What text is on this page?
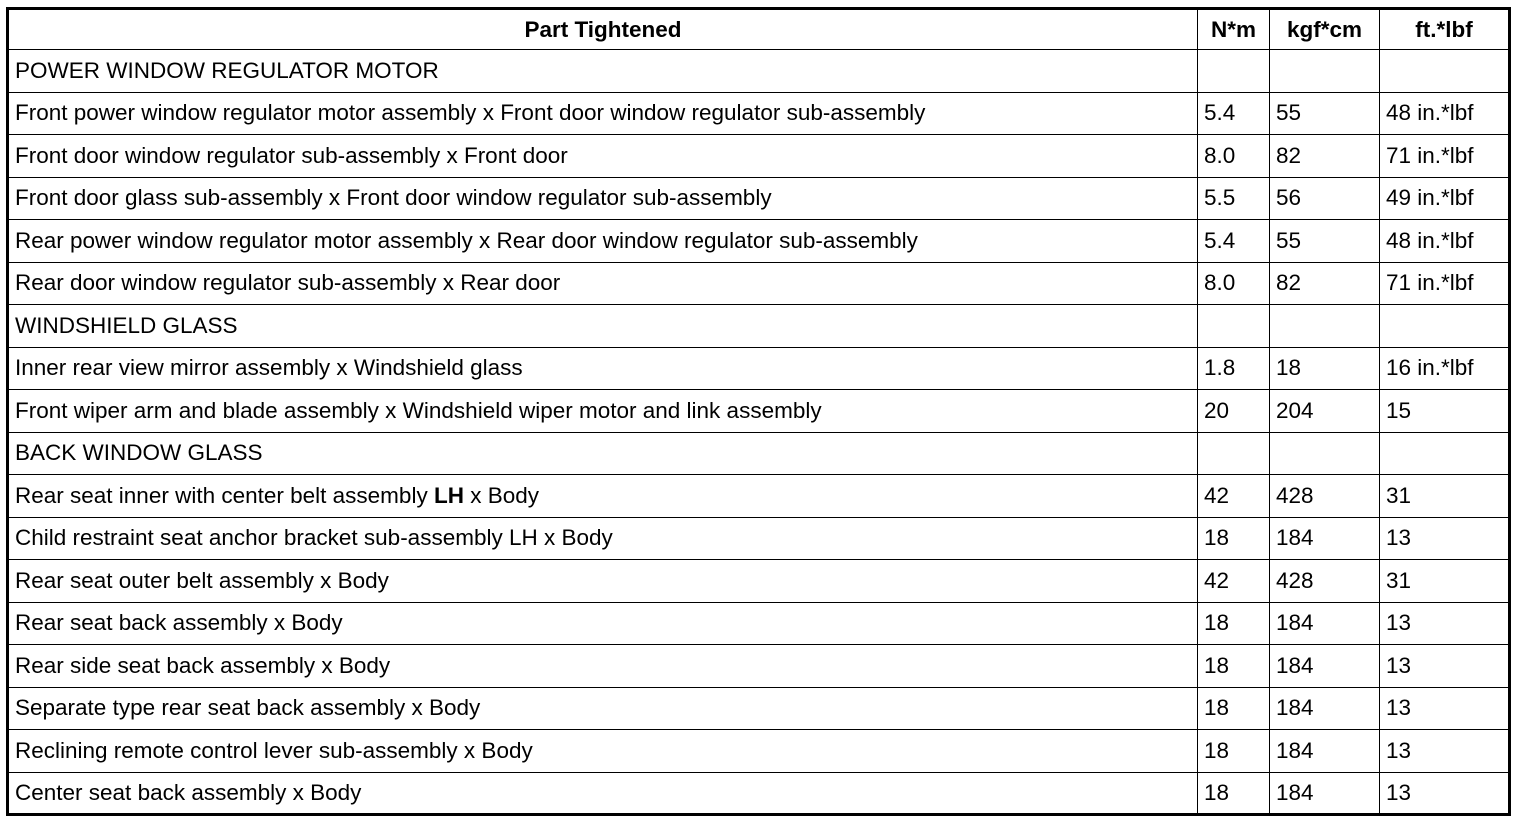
Part Tightened	N*m	kgf*cm	ft.*lbf
POWER WINDOW REGULATOR MOTOR			
Front power window regulator motor assembly x Front door window regulator sub-assembly	5.4	55	48 in.*lbf
Front door window regulator sub-assembly x Front door	8.0	82	71 in.*lbf
Front door glass sub-assembly x Front door window regulator sub-assembly	5.5	56	49 in.*lbf
Rear power window regulator motor assembly x Rear door window regulator sub-assembly	5.4	55	48 in.*lbf
Rear door window regulator sub-assembly x Rear door	8.0	82	71 in.*lbf
WINDSHIELD GLASS			
Inner rear view mirror assembly x Windshield glass	1.8	18	16 in.*lbf
Front wiper arm and blade assembly x Windshield wiper motor and link assembly	20	204	15
BACK WINDOW GLASS			
Rear seat inner with center belt assembly LH x Body	42	428	31
Child restraint seat anchor bracket sub-assembly LH x Body	18	184	13
Rear seat outer belt assembly x Body	42	428	31
Rear seat back assembly x Body	18	184	13
Rear side seat back assembly x Body	18	184	13
Separate type rear seat back assembly x Body	18	184	13
Reclining remote control lever sub-assembly x Body	18	184	13
Center seat back assembly x Body	18	184	13
